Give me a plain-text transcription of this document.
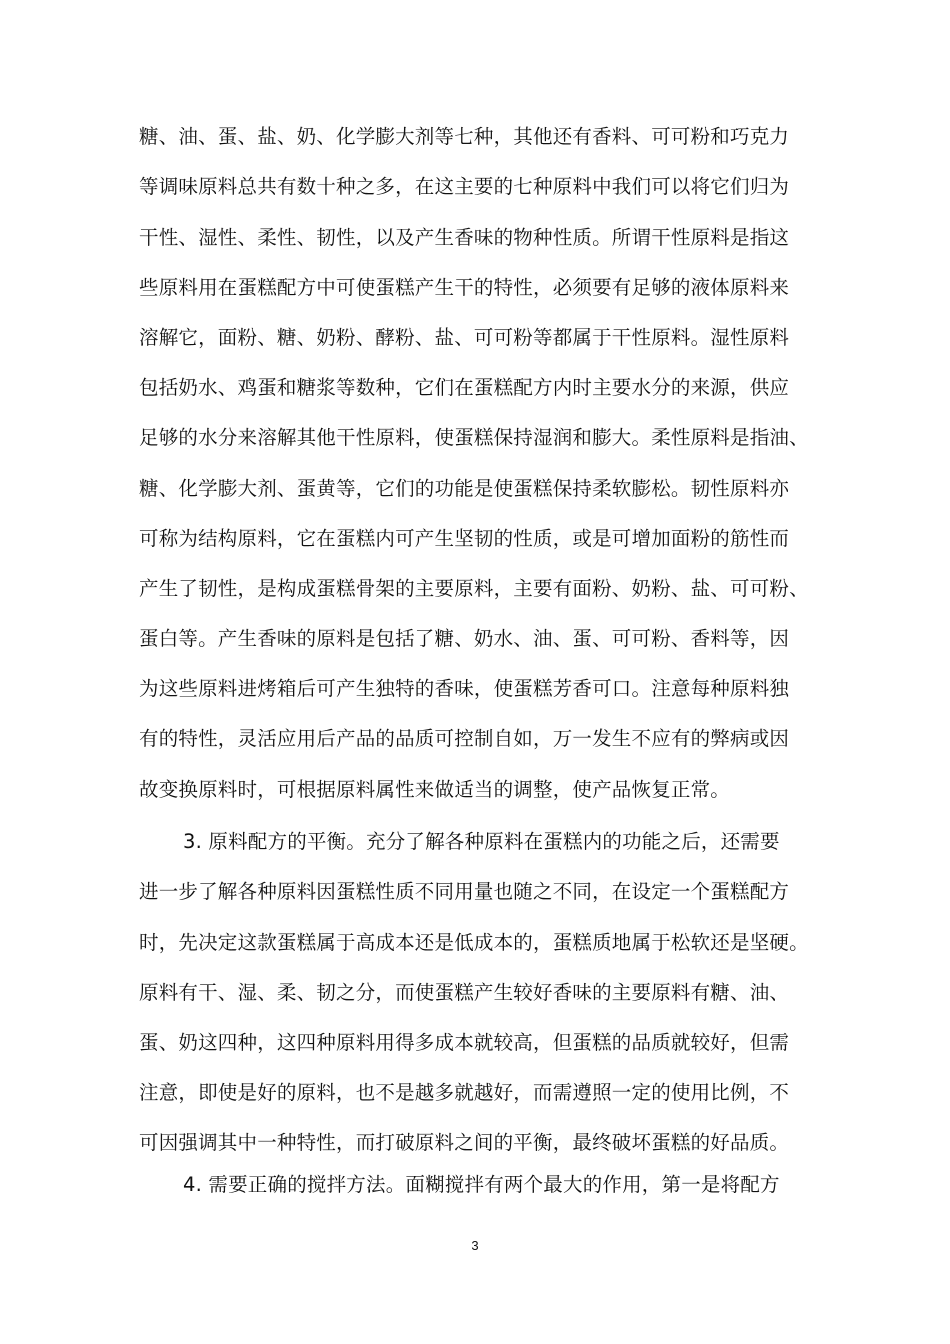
糖、油、蛋、盐、奶、化学膨大剂等七种，其他还有香料、可可粉和巧克力
等调味原料总共有数十种之多，在这主要的七种原料中我们可以将它们归为
干性、湿性、柔性、韧性，以及产生香味的物种性质。所谓干性原料是指这
些原料用在蛋糕配方中可使蛋糕产生干的特性，必须要有足够的液体原料来
溶解它，面粉、糖、奶粉、酵粉、盐、可可粉等都属于干性原料。湿性原料
包括奶水、鸡蛋和糖浆等数种，它们在蛋糕配方内时主要水分的来源，供应
足够的水分来溶解其他干性原料，使蛋糕保持湿润和膨大。柔性原料是指油、
糖、化学膨大剂、蛋黄等，它们的功能是使蛋糕保持柔软膨松。韧性原料亦
可称为结构原料，它在蛋糕内可产生坚韧的性质，或是可增加面粉的筋性而
产生了韧性，是构成蛋糕骨架的主要原料，主要有面粉、奶粉、盐、可可粉、
蛋白等。产生香味的原料是包括了糖、奶水、油、蛋、可可粉、香料等，因
为这些原料进烤箱后可产生独特的香味，使蛋糕芳香可口。注意每种原料独
有的特性，灵活应用后产品的品质可控制自如，万一发生不应有的弊病或因
故变换原料时，可根据原料属性来做适当的调整，使产品恢复正常。
3. 原料配方的平衡。充分了解各种原料在蛋糕内的功能之后，还需要
进一步了解各种原料因蛋糕性质不同用量也随之不同，在设定一个蛋糕配方
时，先决定这款蛋糕属于高成本还是低成本的，蛋糕质地属于松软还是坚硬。
原料有干、湿、柔、韧之分，而使蛋糕产生较好香味的主要原料有糖、油、
蛋、奶这四种，这四种原料用得多成本就较高，但蛋糕的品质就较好，但需
注意，即使是好的原料，也不是越多就越好，而需遵照一定的使用比例，不
可因强调其中一种特性，而打破原料之间的平衡，最终破坏蛋糕的好品质。
4. 需要正确的搅拌方法。面糊搅拌有两个最大的作用，第一是将配方
3
